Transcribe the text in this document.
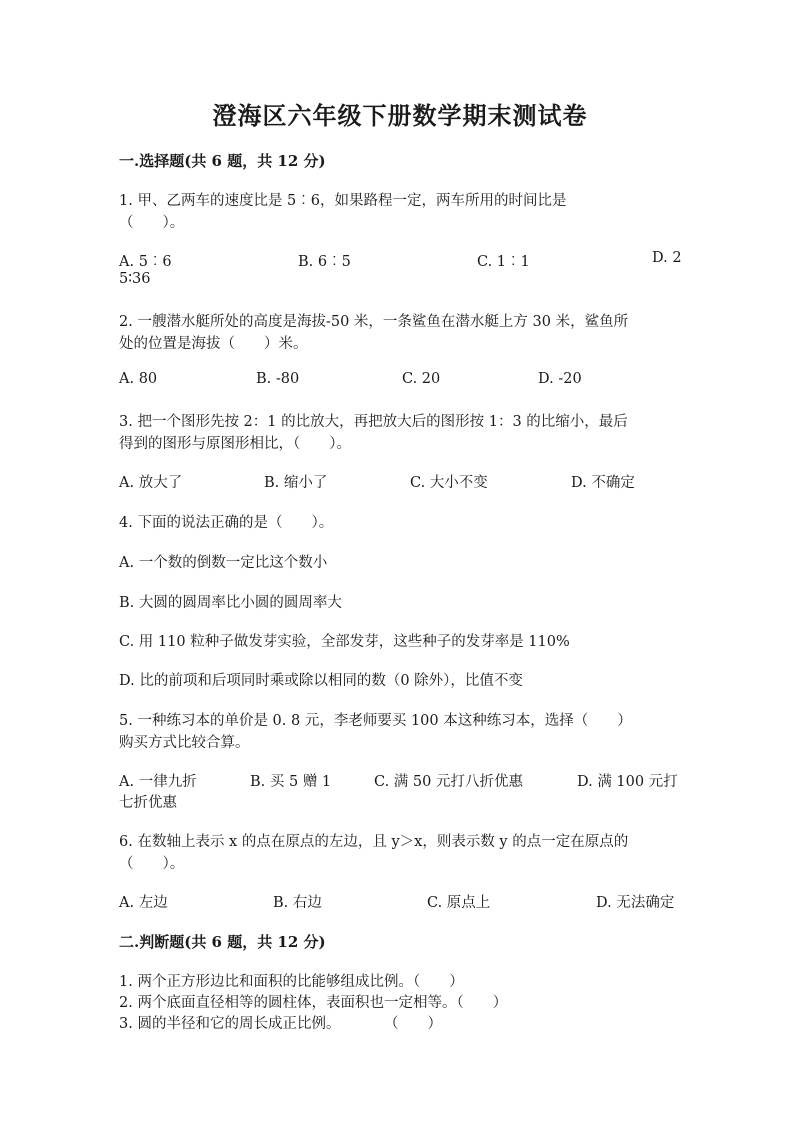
澄海区六年级下册数学期末测试卷
一.选择题(共 6 题，共 12 分)
1. 甲、乙两车的速度比是 5︰6，如果路程一定，两车所用的时间比是
（　　）。
A. 5︰6	B. 6︰5	C. 1︰1	D. 2
5∶36
2. 一艘潜水艇所处的高度是海拔-50 米，一条鲨鱼在潜水艇上方 30 米，鲨鱼所
处的位置是海拔（　　）米。
A. 80	B. -80	C. 20	D. -20
3. 把一个图形先按 2：1 的比放大，再把放大后的图形按 1：3 的比缩小，最后
得到的图形与原图形相比，（　　）。
A. 放大了	B. 缩小了	C. 大小不变	D. 不确定
4. 下面的说法正确的是（　　）。
A. 一个数的倒数一定比这个数小
B. 大圆的圆周率比小圆的圆周率大
C. 用 110 粒种子做发芽实验，全部发芽，这些种子的发芽率是 110%
D. 比的前项和后项同时乘或除以相同的数（0 除外），比值不变
5. 一种练习本的单价是 0. 8 元，李老师要买 100 本这种练习本，选择（　　）
购买方式比较合算。
A. 一律九折	B. 买 5 赠 1	C. 满 50 元打八折优惠	D. 满 100 元打
七折优惠
6. 在数轴上表示 x 的点在原点的左边，且 y＞x，则表示数 y 的点一定在原点的
（　　）。
A. 左边	B. 右边	C. 原点上	D. 无法确定
二.判断题(共 6 题，共 12 分)
1. 两个正方形边比和面积的比能够组成比例。（　　）
2. 两个底面直径相等的圆柱体，表面积也一定相等。（　　）
3. 圆的半径和它的周长成正比例。　　　　（　　）
